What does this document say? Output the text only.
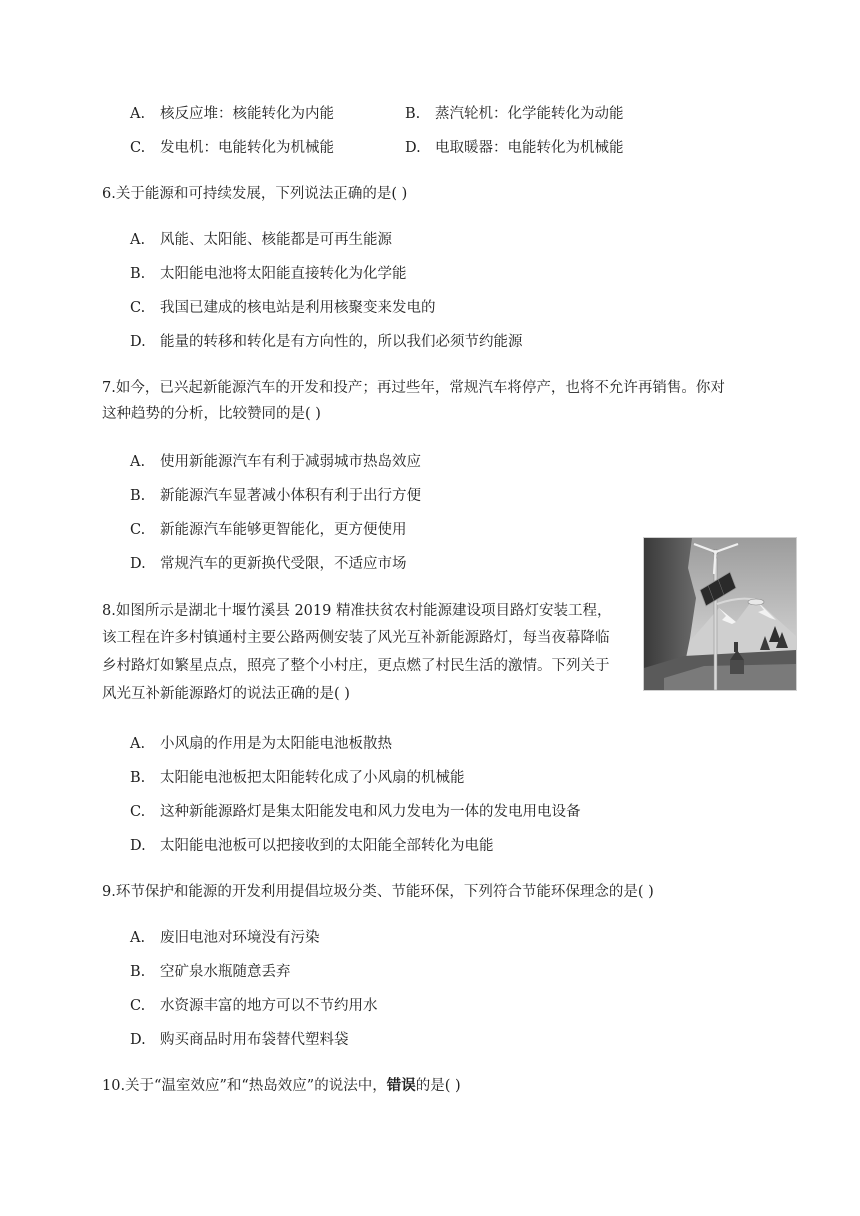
A. 核反应堆：核能转化为内能	B. 蒸汽轮机：化学能转化为动能
C. 发电机：电能转化为机械能	D. 电取暖器：电能转化为机械能
6.关于能源和可持续发展，下列说法正确的是( )
A. 风能、太阳能、核能都是可再生能源
B. 太阳能电池将太阳能直接转化为化学能
C. 我国已建成的核电站是利用核聚变来发电的
D. 能量的转移和转化是有方向性的，所以我们必须节约能源
7.如今，已兴起新能源汽车的开发和投产；再过些年，常规汽车将停产，也将不允许再销售。你对
这种趋势的分析，比较赞同的是( )
A. 使用新能源汽车有利于减弱城市热岛效应
B. 新能源汽车显著减小体积有利于出行方便
C. 新能源汽车能够更智能化，更方便使用
D. 常规汽车的更新换代受限，不适应市场
8.如图所示是湖北十堰竹溪县 2019 精准扶贫农村能源建设项目路灯安装工程，
该工程在许多村镇通村主要公路两侧安装了风光互补新能源路灯，每当夜幕降临
乡村路灯如繁星点点，照亮了整个小村庄，更点燃了村民生活的激情。下列关于
风光互补新能源路灯的说法正确的是( )
A. 小风扇的作用是为太阳能电池板散热
B. 太阳能电池板把太阳能转化成了小风扇的机械能
C. 这种新能源路灯是集太阳能发电和风力发电为一体的发电用电设备
D. 太阳能电池板可以把接收到的太阳能全部转化为电能
9.环节保护和能源的开发利用提倡垃圾分类、节能环保，下列符合节能环保理念的是( )
A. 废旧电池对环境没有污染
B. 空矿泉水瓶随意丢弃
C. 水资源丰富的地方可以不节约用水
D. 购买商品时用布袋替代塑料袋
10.关于“温室效应”和“热岛效应”的说法中，错误的是( )
